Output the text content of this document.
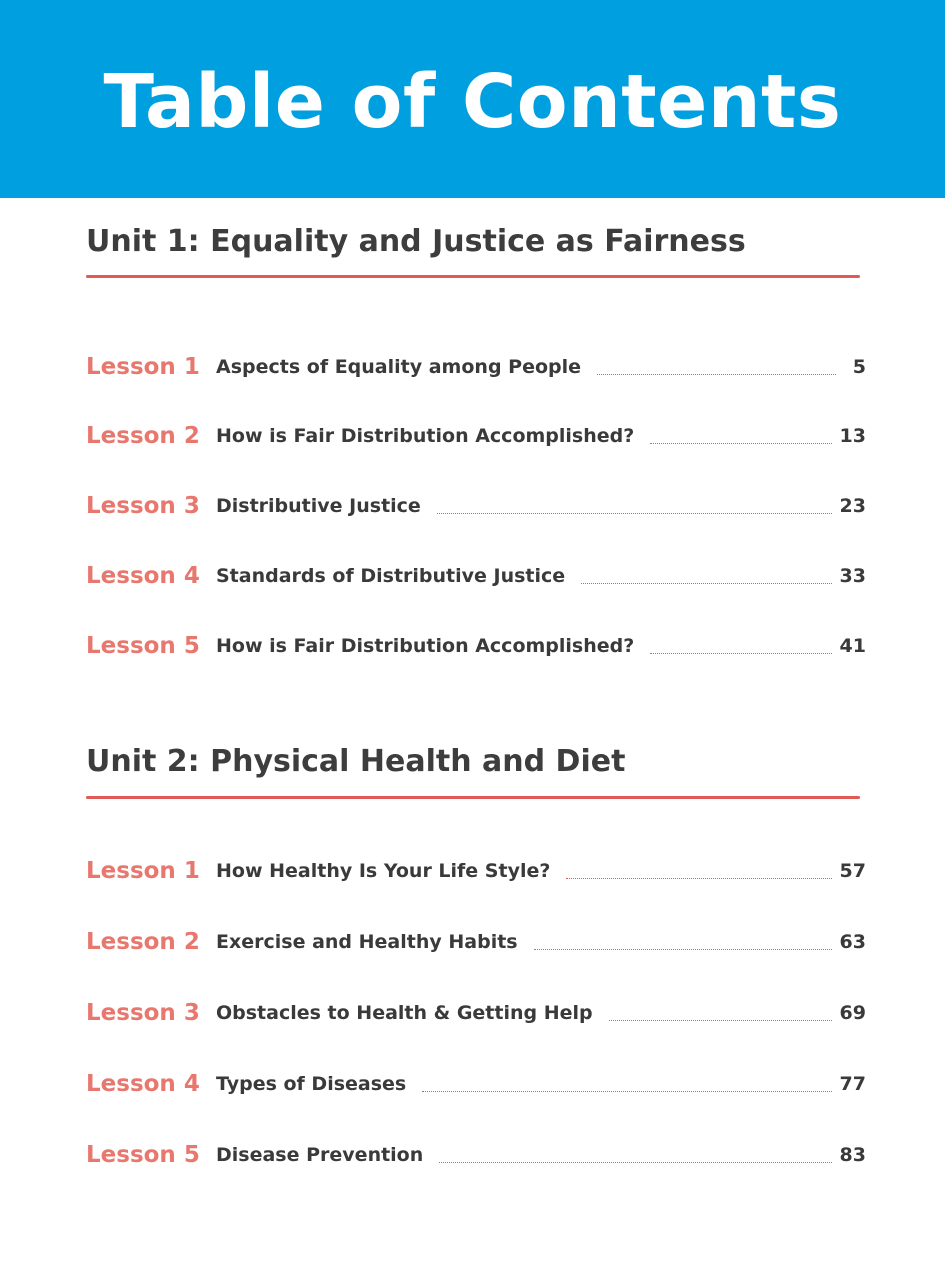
Table of Contents
Unit 1: Equality and Justice as Fairness
Lesson 1 Aspects of Equality among People	5
Lesson 2 How is Fair Distribution Accomplished?	13
Lesson 3 Distributive Justice	23
Lesson 4 Standards of Distributive Justice	33
Lesson 5 How is Fair Distribution Accomplished?	41
Unit 2: Physical Health and Diet
Lesson 1 How Healthy Is Your Life Style?	57
Lesson 2 Exercise and Healthy Habits	63
Lesson 3 Obstacles to Health & Getting Help	69
Lesson 4 Types of Diseases	77
Lesson 5 Disease Prevention	83
